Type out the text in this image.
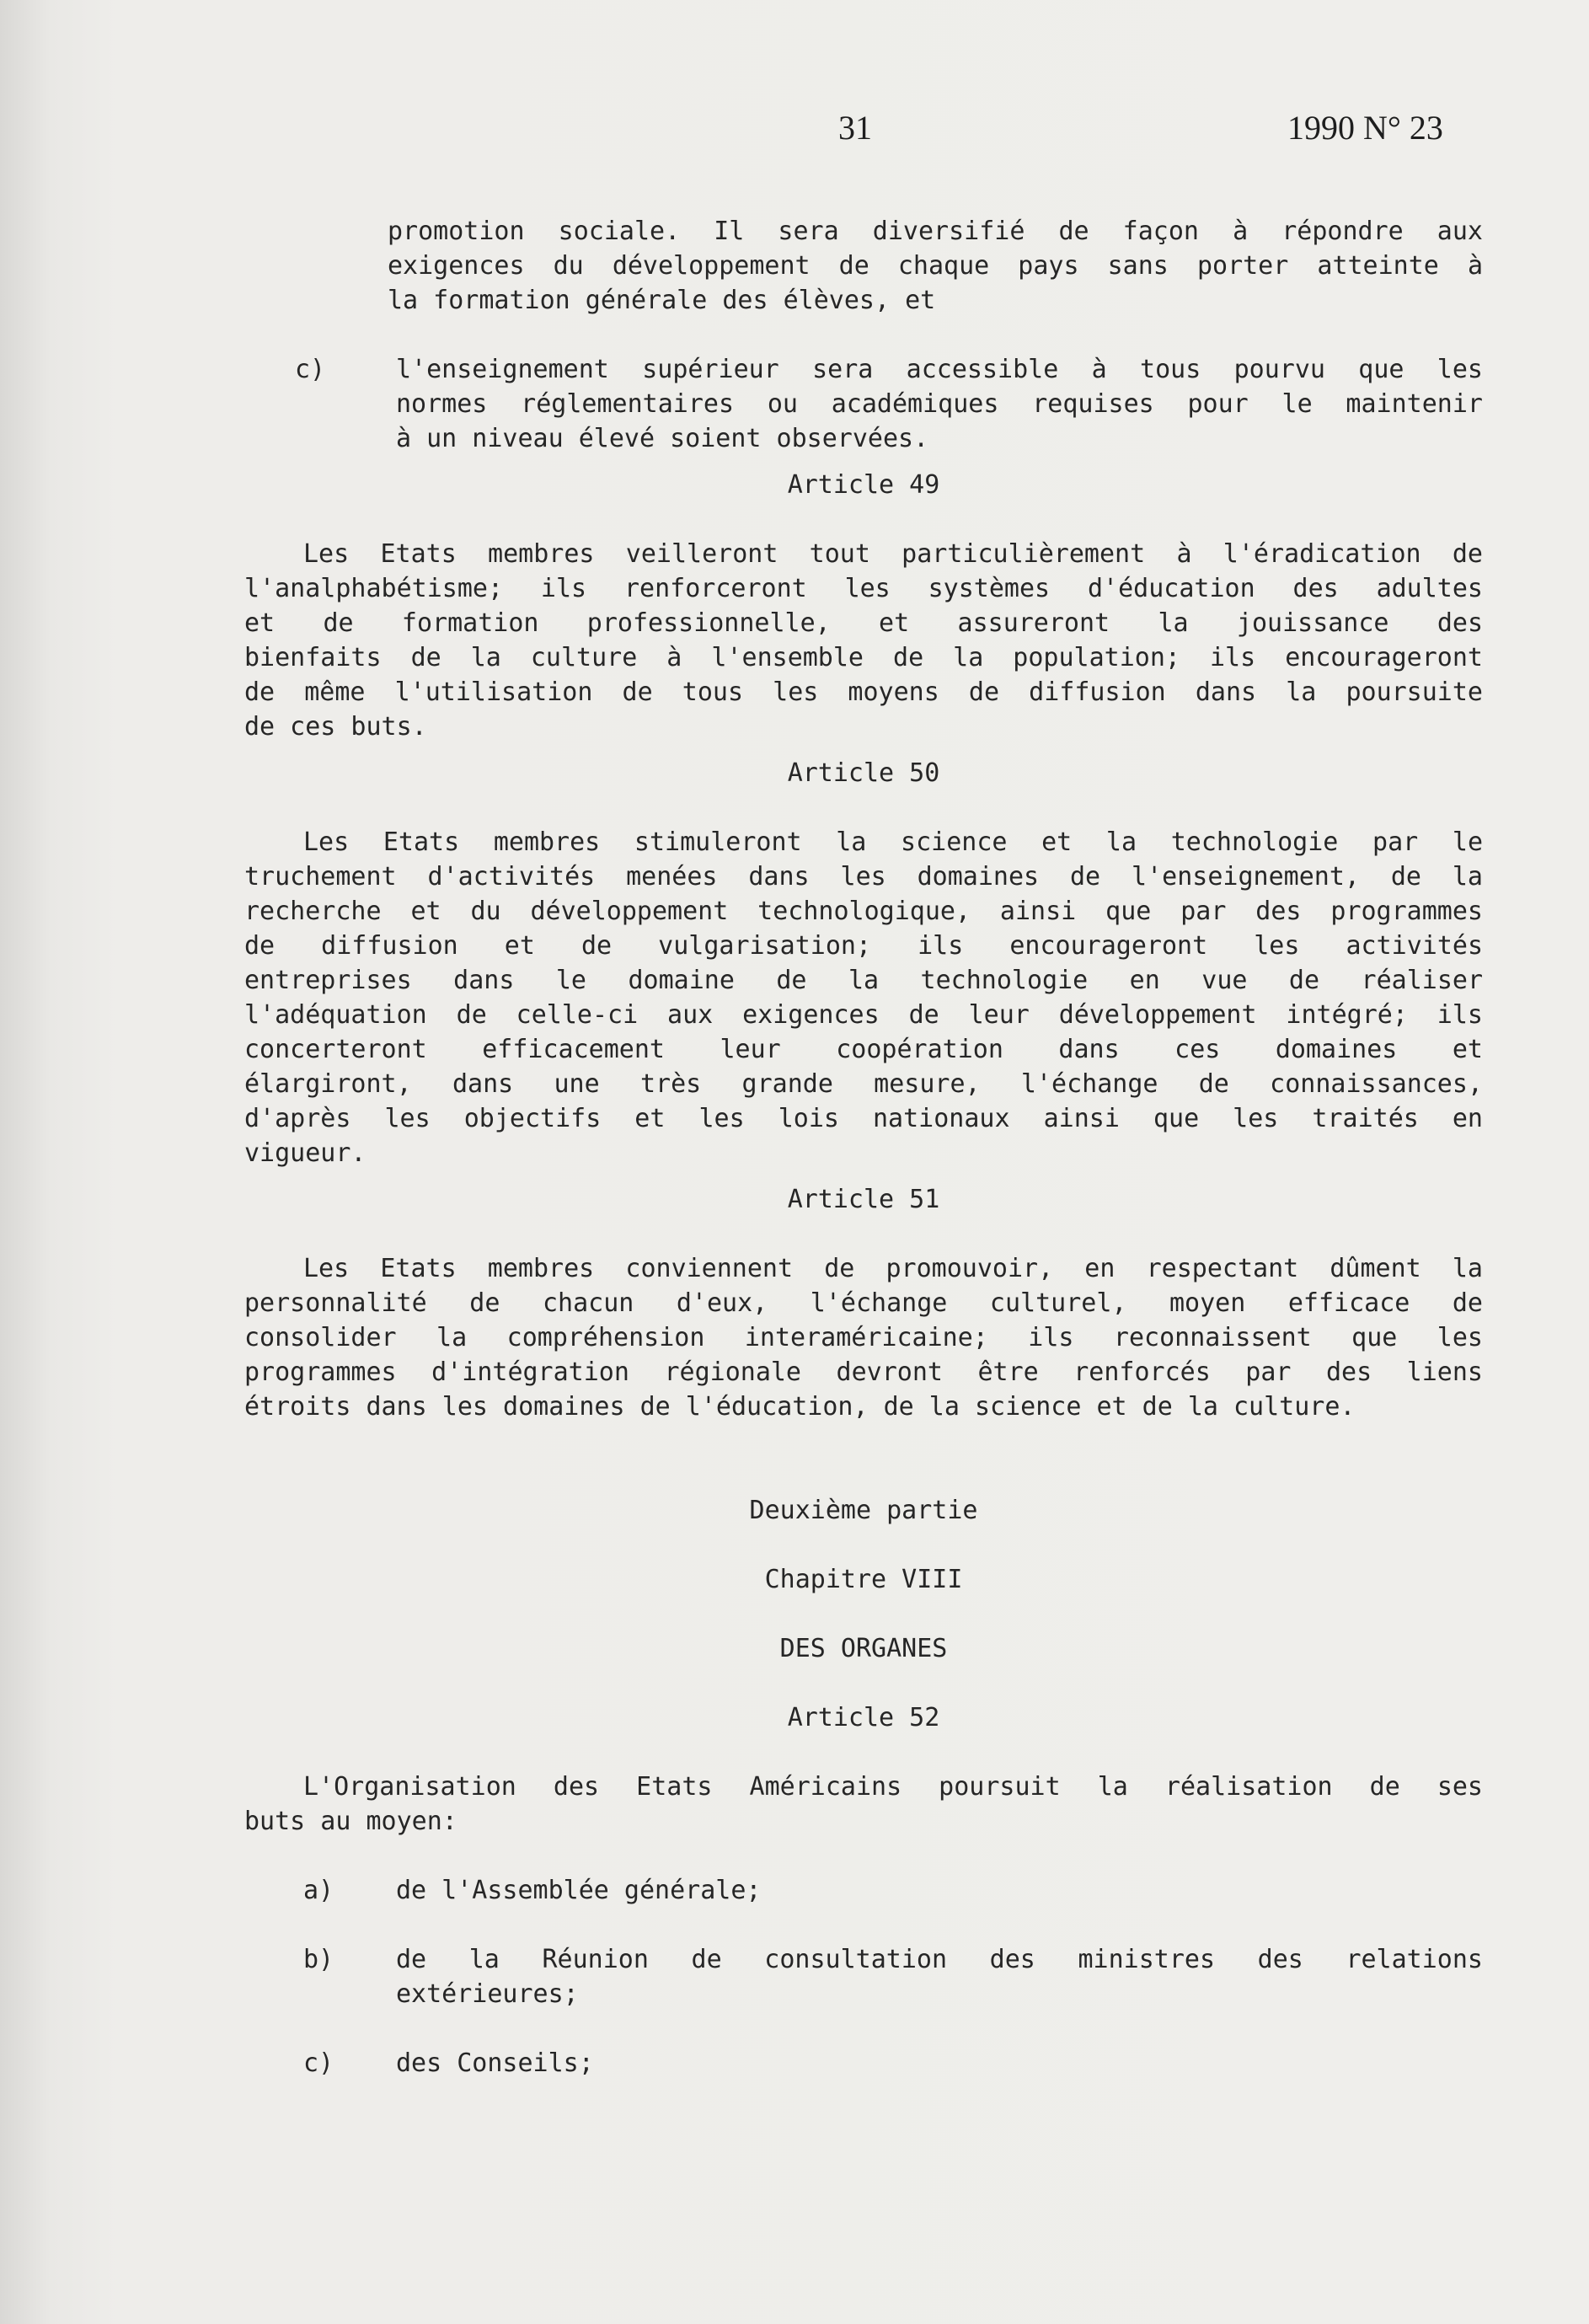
31	1990 N° 23
promotion sociale. Il sera diversifié de façon à répondre aux
exigences du développement de chaque pays sans porter atteinte à
la formation générale des élèves, et
c)	l'enseignement supérieur sera accessible à tous pourvu que les
normes réglementaires ou académiques requises pour le maintenir
à un niveau élevé soient observées.
Article 49
Les Etats membres veilleront tout particulièrement à l'éradication de
l'analphabétisme; ils renforceront les systèmes d'éducation des adultes
et de formation professionnelle, et assureront la jouissance des
bienfaits de la culture à l'ensemble de la population; ils encourageront
de même l'utilisation de tous les moyens de diffusion dans la poursuite
de ces buts.
Article 50
Les Etats membres stimuleront la science et la technologie par le
truchement d'activités menées dans les domaines de l'enseignement, de la
recherche et du développement technologique, ainsi que par des programmes
de diffusion et de vulgarisation; ils encourageront les activités
entreprises dans le domaine de la technologie en vue de réaliser
l'adéquation de celle-ci aux exigences de leur développement intégré; ils
concerteront efficacement leur coopération dans ces domaines et
élargiront, dans une très grande mesure, l'échange de connaissances,
d'après les objectifs et les lois nationaux ainsi que les traités en
vigueur.
Article 51
Les Etats membres conviennent de promouvoir, en respectant dûment la
personnalité de chacun d'eux, l'échange culturel, moyen efficace de
consolider la compréhension interaméricaine; ils reconnaissent que les
programmes d'intégration régionale devront être renforcés par des liens
étroits dans les domaines de l'éducation, de la science et de la culture.
Deuxième partie
Chapitre VIII
DES ORGANES
Article 52
L'Organisation des Etats Américains poursuit la réalisation de ses
buts au moyen:
a)	de l'Assemblée générale;
b)	de la Réunion de consultation des ministres des relations
extérieures;
c)	des Conseils;
